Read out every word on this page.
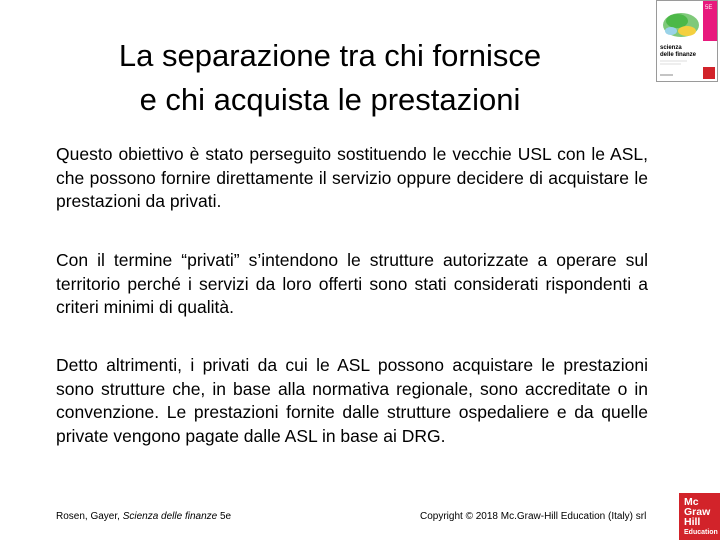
La separazione tra chi fornisce
e chi acquista le prestazioni

Questo obiettivo è stato perseguito sostituendo le vecchie USL con le ASL, che possono fornire direttamente il servizio oppure decidere di acquistare le prestazioni da privati.

Con il termine “privati” s’intendono le strutture autorizzate a operare sul territorio perché i servizi da loro offerti sono stati considerati rispondenti a criteri minimi di qualità.

Detto altrimenti, i privati da cui le ASL possono acquistare le prestazioni sono strutture che, in base alla normativa regionale, sono accreditate o in convenzione. Le prestazioni fornite dalle strutture ospedaliere e da quelle private vengono pagate dalle ASL in base ai DRG.

5E
scienza
delle finanze
Rosen, Gayer, Scienza delle finanze 5e	Copyright © 2018 Mc.Graw-Hill Education (Italy) srl
Mc
Graw
Hill
Education
